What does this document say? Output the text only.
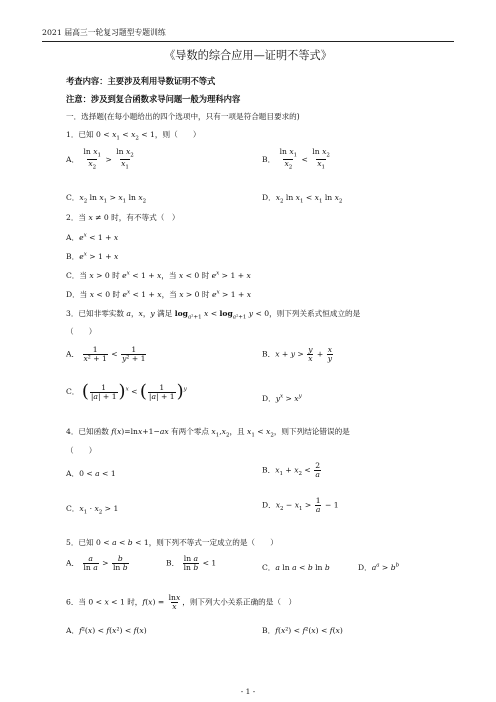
2021 届高三一轮复习题型专题训练
《导数的综合应用—证明不等式》
考查内容：主要涉及利用导数证明不等式
注意：涉及到复合函数求导问题一般为理科内容
一．选择题(在每小题给出的四个选项中，只有一项是符合题目要求的)
1．已知 $0 < x_1 < x_2 < 1$，则（　　）
A． $\frac{\ln x_1}{x_2} > \frac{\ln x_2}{x_1}$	B． $\frac{\ln x_1}{x_2} < \frac{\ln x_2}{x_1}$
C．$x_2$ $\ln x_1 > x_1$ $\ln x_2$	D．$x_2$ $\ln x_1 < x_1$ $\ln x_2$
2．当 x ≠ 0 时，有不等式（　）
A．$e^x < 1 + x$
B．$e^x > 1 + x$
C．当 x > 0 时 $e^x < 1 + x$，当 x < 0 时 $e^x > 1 + x$
D．当 x < 0 时 $e^x < 1 + x$，当 x > 0 时 $e^x > 1 + x$
3．已知非零实数 a，x，y 满足 $\log_{a^2+1} x < \log_{a^2+1} y < 0$，则下列关系式恒成立的是
（　　）
A． $\frac{1}{\text{x² + 1}} < \frac{1}{\text{y² + 1}}$	B．$x + y > \frac{y}{x} + \frac{x}{y}$
C． ( $\frac{1}{|a| + 1} )^x$ < ( $\frac{1}{|a| + 1} )^y$
D．$y^x > x^y$
4．已知函数 f(x)=lnx+1−ax 有两个零点 $x_1,x_2$，且 $x_1 < x_2$，则下列结论错误的是
（　　）
A．0 < a < 1	B．$x_1 + x_2 < \frac{2}{a}$
C．$x_1 \cdot x_2 > 1$	D．$x_2 - x_1 > \frac{1}{a} - 1$
5．已知 0 < a < b < 1，则下列不等式一定成立的是（　　）
A． $\frac{a}{\text{ln a}} > \frac{b}{\text{ln b}}$	B． $\frac{\text{ln a}}{\text{ln b}} < 1$
C．a ln a < b ln b	D．$a^a > b^b$
6．当 0 < x < 1 时，$f(x) = \frac{\ln x}{x}$ ，则下列大小关系正确的是（　）
A．f²(x) < f(x²) < f(x)	B．f(x²) < f²(x) < f(x)
- 1 -
